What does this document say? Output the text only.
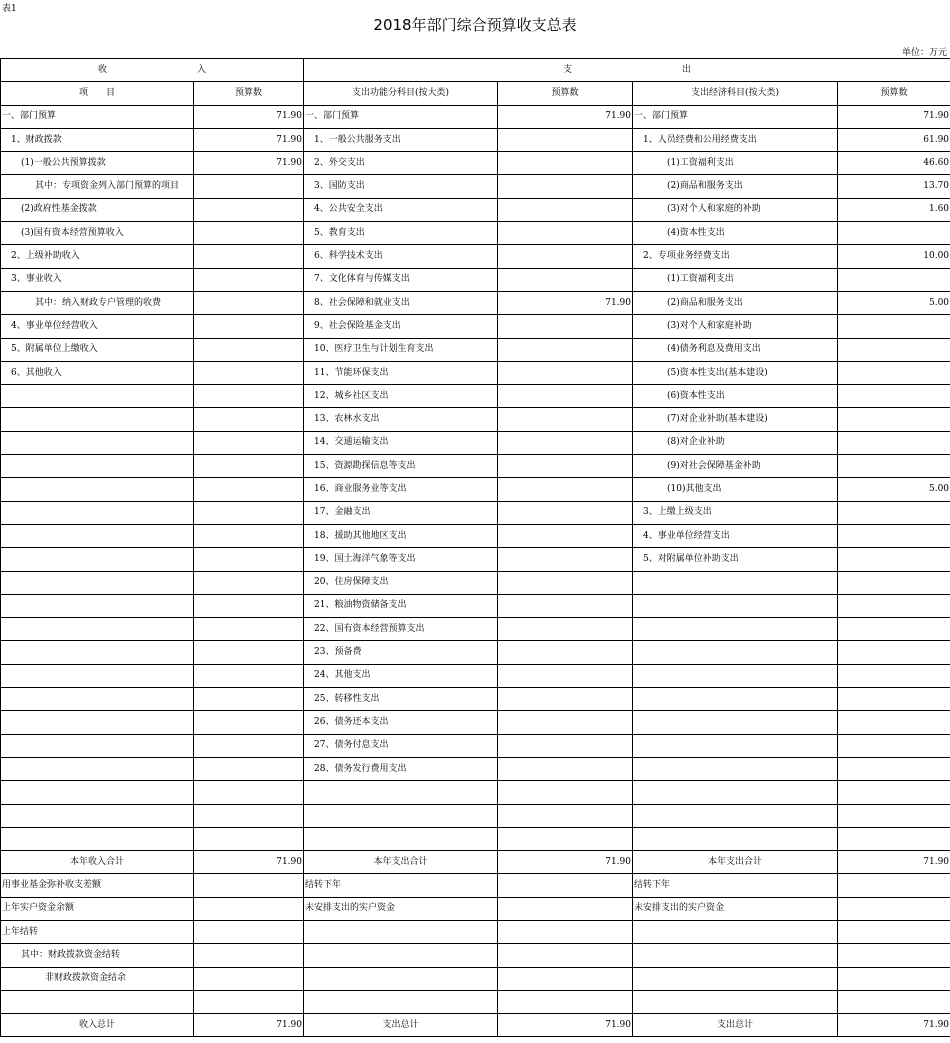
表1
2018年部门综合预算收支总表
单位：万元
收 入		支 出			
项　　目	预算数	支出功能分科目(按大类)	预算数	支出经济科目(按大类)	预算数
一、部门预算	71.90	一、部门预算	71.90	一、部门预算	71.90
1、财政拨款	71.90	1、一般公共服务支出		1、人员经费和公用经费支出	61.90
(1)一般公共预算拨款	71.90	2、外交支出		(1)工资福利支出	46.60
其中：专项资金列入部门预算的项目		3、国防支出		(2)商品和服务支出	13.70
(2)政府性基金拨款		4、公共安全支出		(3)对个人和家庭的补助	1.60
(3)国有资本经营预算收入		5、教育支出		(4)资本性支出	
2、上级补助收入		6、科学技术支出		2、专项业务经费支出	10.00
3、事业收入		7、文化体育与传媒支出		(1)工资福利支出	
其中：纳入财政专户管理的收费		8、社会保障和就业支出	71.90	(2)商品和服务支出	5.00
4、事业单位经营收入		9、社会保险基金支出		(3)对个人和家庭补助	
5、附属单位上缴收入		10、医疗卫生与计划生育支出		(4)债务利息及费用支出	
6、其他收入		11、节能环保支出		(5)资本性支出(基本建设)	
		12、城乡社区支出		(6)资本性支出	
		13、农林水支出		(7)对企业补助(基本建设)	
		14、交通运输支出		(8)对企业补助	
		15、资源勘探信息等支出		(9)对社会保障基金补助	
		16、商业服务业等支出		(10)其他支出	5.00
		17、金融支出		3、上缴上级支出	
		18、援助其他地区支出		4、事业单位经营支出	
		19、国土海洋气象等支出		5、对附属单位补助支出	
		20、住房保障支出			
		21、粮油物资储备支出			
		22、国有资本经营预算支出			
		23、预备费			
		24、其他支出			
		25、转移性支出			
		26、债务还本支出			
		27、债务付息支出			
		28、债务发行费用支出			

本年收入合计	71.90	本年支出合计	71.90	本年支出合计	71.90
用事业基金弥补收支差额		结转下年		结转下年	
上年实户资金余额		未安排支出的实户资金		未安排支出的实户资金	
上年结转					
其中：财政拨款资金结转					
非财政拨款资金结余					

收入总计	71.90	支出总计	71.90	支出总计	71.90
